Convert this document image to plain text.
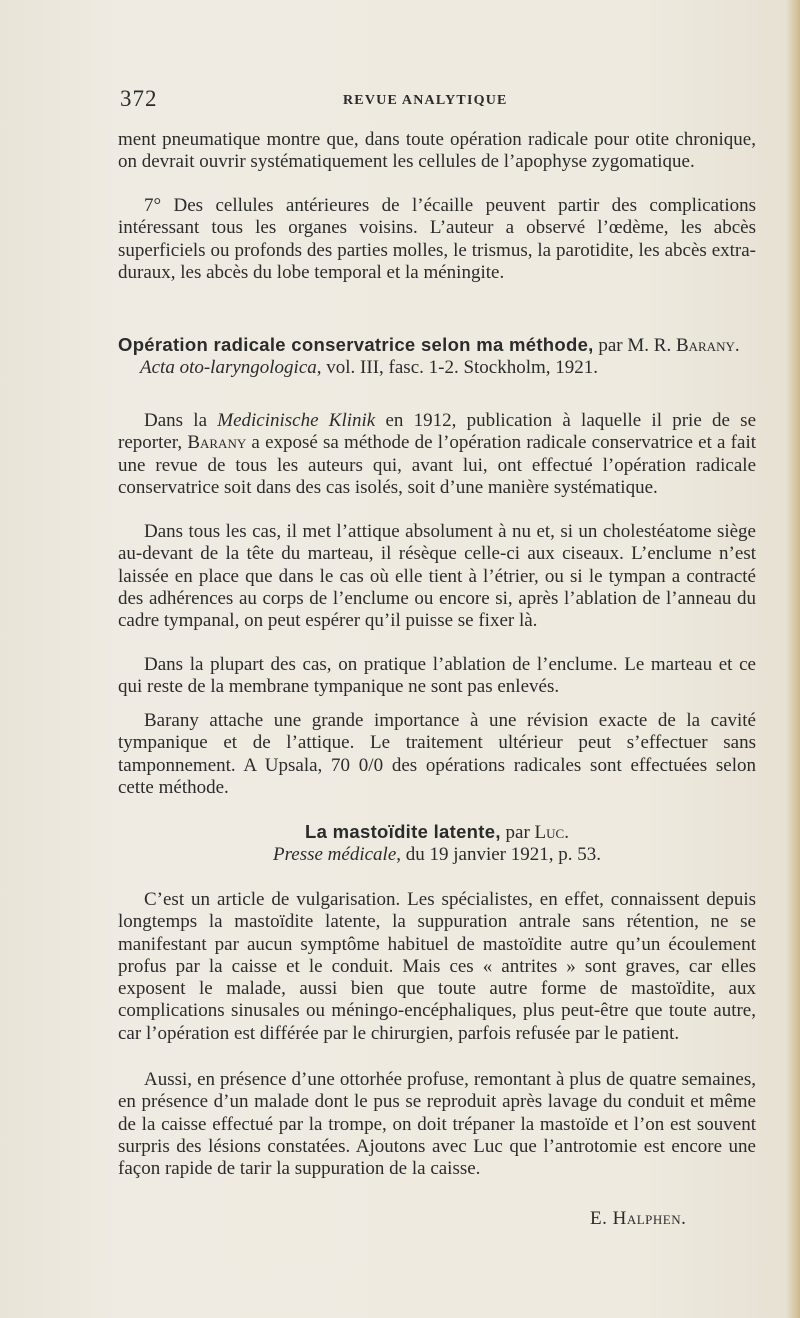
372	REVUE ANALYTIQUE

ment pneumatique montre que, dans toute opération radicale pour otite chronique, on devrait ouvrir systématiquement les cellules de l’apophyse zygomatique.

7° Des cellules antérieures de l’écaille peuvent partir des complications intéressant tous les organes voisins. L’auteur a observé l’œdème, les abcès superficiels ou profonds des parties molles, le trismus, la parotidite, les abcès extra-duraux, les abcès du lobe temporal et la méningite.

Opération radicale conservatrice selon ma méthode, par M. R. Barany. Acta oto-laryngologica, vol. III, fasc. 1-2. Stockholm, 1921.

Dans la Medicinische Klinik en 1912, publication à laquelle il prie de se reporter, Barany a exposé sa méthode de l’opération radicale conservatrice et a fait une revue de tous les auteurs qui, avant lui, ont effectué l’opération radicale conservatrice soit dans des cas isolés, soit d’une manière systématique.

Dans tous les cas, il met l’attique absolument à nu et, si un cholestéatome siège au-devant de la tête du marteau, il résèque celle-ci aux ciseaux. L’enclume n’est laissée en place que dans le cas où elle tient à l’étrier, ou si le tympan a contracté des adhérences au corps de l’enclume ou encore si, après l’ablation de l’anneau du cadre tympanal, on peut espérer qu’il puisse se fixer là.

Dans la plupart des cas, on pratique l’ablation de l’enclume. Le marteau et ce qui reste de la membrane tympanique ne sont pas enlevés.

Barany attache une grande importance à une révision exacte de la cavité tympanique et de l’attique. Le traitement ultérieur peut s’effectuer sans tamponnement. A Upsala, 70 0/0 des opérations radicales sont effectuées selon cette méthode.

La mastoïdite latente, par Luc.

Presse médicale, du 19 janvier 1921, p. 53.

C’est un article de vulgarisation. Les spécialistes, en effet, connaissent depuis longtemps la mastoïdite latente, la suppuration antrale sans rétention, ne se manifestant par aucun symptôme habituel de mastoïdite autre qu’un écoulement profus par la caisse et le conduit. Mais ces « antrites » sont graves, car elles exposent le malade, aussi bien que toute autre forme de mastoïdite, aux complications sinusales ou méningo-encéphaliques, plus peut-être que toute autre, car l’opération est différée par le chirurgien, parfois refusée par le patient.

Aussi, en présence d’une ottorhée profuse, remontant à plus de quatre semaines, en présence d’un malade dont le pus se reproduit après lavage du conduit et même de la caisse effectué par la trompe, on doit trépaner la mastoïde et l’on est souvent surpris des lésions constatées. Ajoutons avec Luc que l’antrotomie est encore une façon rapide de tarir la suppuration de la caisse.

E. Halphen.
